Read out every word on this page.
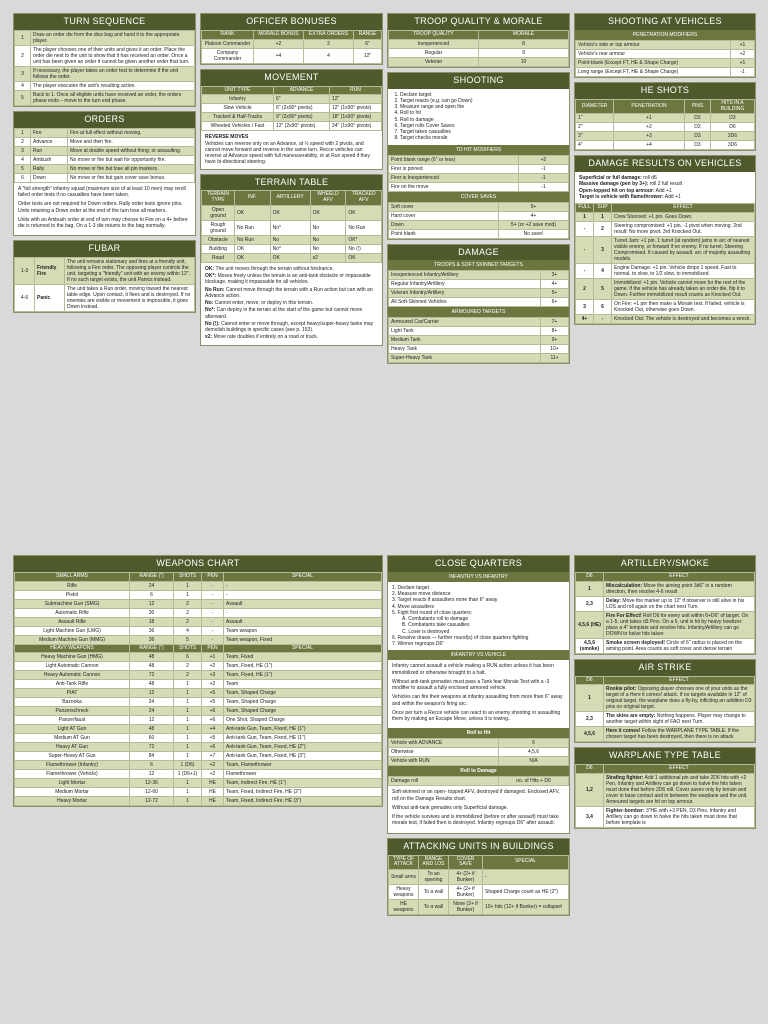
TURN SEQUENCE
1	Draw an order die from the dice bag and hand it to the appropriate player.
2	The player chooses one of their units and gives it an order. Place the order die next to the unit to show that it has received an order. Once a unit has been given an order it cannot be given another order that turn.
3	If necessary, the player takes an order test to determine if the unit follows the order.
4	The player executes the unit's resulting action.
5	Back to 1. Once all eligible units have received an order, the orders phase ends – move to the turn end phase.
ORDERS
1	Fire	Fire at full effect without moving.
2	Advance	Move and then fire.
3	Run	Move at double speed without firing; or assaulting.
4	Ambush	No move or fire but wait for opportunity fire.
5	Rally	No move or fire but lose all pin markers.
6	Down	No move or fire but gain cover save bonus.

A "full strength" infantry squad (maximum size of at least 10 men) may reroll failed order tests if no casualties have been taken.

Order tests are not required for Down orders. Rally order tests ignore pins. Units retaining a Down order at the end of the turn lose all markers.

Units with an Ambush order at end of turn may choose to Fire on a 4+ before die is returned to the bag. On a 1-3 die returns to the bag normally.

FUBAR
1-3	Friendly Fire	The unit remains stationary and fires at a friendly unit, following a Fire order. The opposing player controls the unit, targeting a "friendly" unit with an enemy within 12". If no such target exists, the unit Panics instead.
4-6	Panic	The unit takes a Run order, moving toward the nearest table edge. Upon contact, it flees and is destroyed. If no enemies are visible or movement is impossible, it goes Down instead.
OFFICER BONUSES
RANK	MORALE BONUS	EXTRA ORDERS	RANGE
Platoon Commander	+2	2	6"
Company Commander	+4	4	12"
MOVEMENT
UNIT TYPE	ADVANCE	RUN
Infantry	6"	12"
Slow Vehicle	6" (2x90° pivots)	12" (1x90° pivots)
Tracked & Half-Tracks	9" (2x90° pivots)	18" (1x90° pivots)
Wheeled Vehicles / Fast	12" (2x90° pivots)	24" (1x90° pivots)
REVERSE MOVES
Vehicles can reverse only on an Advance, at ½ speed with 2 pivots, and cannot move forward and reverse in the same turn. Recce vehicles can reverse at Advance speed with full maneuverability, or at Run speed if they have bi-directional steering.
TERRAIN TABLE
TERRAIN TYPE	INF.	ARTILLERY	WHEELD AFV	TRACKED AFV
Open ground	OK	OK	OK	OK
Rough ground	No Run	No*	No	No Run
Obstacle	No Run	No	No	OK*
Building	OK	No*	No	No (!)
Road	OK	OK	x2	OK

OK: The unit moves through the terrain without hindrance.

OK*: Moves freely unless the terrain is an anti-tank obstacle or impassable blockage, making it impassable for all vehicles.

No Run: Cannot move through the terrain with a Run action but can with an Advance action.

No: Cannot enter, move, or deploy in this terrain.

No*: Can deploy in the terrain at the start of the game but cannot move afterward.

No (!): Cannot enter or move through, except heavy/super-heavy tanks may demolish buildings in specific cases (see p. 153).

x2: Move rate doubles if entirely on a road or track.

TROOP QUALITY & MORALE
TROOP QUALITY	MORALE
Inexperienced	8
Regular	9
Veteran	10
SHOOTING
1. Declare target
2. Target reacts (e.g. can go Down)
3. Measure range and open fire
4. Roll to hit
5. Roll to damage
6. Target rolls Cover Saves
7. Target takes casualties
8. Target checks morale
TO HIT MODIFIERS
Point blank range (6" or less)	+2
Firer is pinned	-1
Firer is Inexperienced	-1
Fire on the move	-1
COVER SAVES
Soft cover	5+
Hard cover	4+
Down	5+ (or +2 save mod)
Point blank	No save!
DAMAGE
TROOPS & SOFT SKINNED TARGETS
Inexperienced Infantry/Artillery	3+
Regular Infantry/Artillery	4+
Veteran Infantry/Artillery	5+
All Soft-Skinned Vehicles	6+
ARMOURED TARGETS
Armoured Car/Carrier	7+
Light Tank	8+
Medium Tank	9+
Heavy Tank	10+
Super-Heavy Tank	11+
SHOOTING AT VEHICLES
PENETRATION MODIFIERS
Vehicle's side or top armour	+1
Vehicle's rear armour	+2
Point-blank (Except FT, HE & Shape Charge)	+1
Long range (Except FT, HE & Shape Charge)	-1
HE SHOTS
DIAMETER	PENETRATION	PINS	HITS IN A BUILDING
1"	+1	D2	D3
2"	+2	D2	D6
3"	+3	D3	2D6
4"	+4	D3	3D6
DAMAGE RESULTS ON VEHICLES
Superficial or full damage: roll d6
Massive damage (pen by 3+): roll 2 full result
Open-topped hit on top armour: Add +1
Target is vehicle with flamethrower: Add +1
FULL	SUP	EFFECT
1	1	Crew Stunned: +1 pin. Goes Down.
-	2	Steering compromised: +1 pin. -1 pivot when moving. 2nd result: No more pivot. 3rd Knocked Out.
-	3	Turret Jam: +1 pin. 1 turret (at random) jams in arc of nearest visible enemy, or forward if no enemy. If no turret; Steering Compromised. If caused by assault, arc of majority assaulting models.
-	4	Engine Damage: +1 pin. Vehicle drops 1 speed. Fast to normal, to slow, to 1/2 slow, to immobilized.
2	5	Immobilized: +1 pin. Vehicle cannot move for the rest of the game. If the vehicle has already taken an order die, flip it to Down. Further immobilized result counts as Knocked Out.
3	6	On Fire: +1 pin then make a Morale test. If failed, vehicle is Knocked Out, otherwise goes Down.
4+	-	Knocked Out: The vehicle is destroyed and becomes a wreck.
WEAPONS CHART
SMALL ARMS	RANGE (")	SHOTS	PEN	SPECIAL
Rifle	24	1	-	-
Pistol	6	1	-	-
Submachine Gun (SMG)	12	2	-	Assault
Automatic Rifle	30	2	-	-
Assault Rifle	18	2	-	Assault
Light Machine Gun (LMG)	36	4	-	Team weapon
Medium Machine Gun (MMG)	36	5	-	Team weapon, Fixed
HEAVY WEAPONS	RANGE (")	SHOTS	PEN	SPECIAL
Heavy Machine Gun (HMG)	48	6	+1	Team, Fixed
Light Automatic Cannon	48	2	+2	Team, Fixed, HE (1")
Heavy Automatic Cannon	72	2	+3	Team, Fixed, HE (1")
Anti-Tank Rifle	48	1	+2	Team
PIAT	12	1	+5	Team, Shaped Charge
Bazooka	24	1	+5	Team, Shaped Charge
Panzerschreck	24	1	+6	Team, Shaped Charge
Panzerfaust	12	1	+6	One Shot, Shaped Charge
Light AT Gun	48	1	+4	Anti-tank Gun, Team, Fixed, HE (1")
Medium AT Gun	60	1	+5	Anti-tank Gun, Team, Fixed, HE (1")
Heavy AT Gun	72	1	+6	Anti-tank Gun, Team, Fixed, HE (2")
Super-Heavy AT Gun	84	1	+7	Anti-tank Gun, Team, Fixed, HE (3")
Flamethrower (Infantry)	6	1 (D6)	+2	Team, Flamethrower
Flamethrower (Vehicle)	12	1 (D6+1)	+2	Flamethrower
Light Mortar	12-36	1	HE	Team, Indirect Fire, HE (1")
Medium Mortar	12-60	1	HE	Team, Fixed, Indirect Fire, HE (2")
Heavy Mortar	12-72	1	HE	Team, Fixed, Indirect Fire, HE (3")
CLOSE QUARTERS
INFANTRY VS INFANTRY
1. Declare target
2. Measure move distance
3. Target reacts if assaulters more than 6" away
4. Move assaulters
5. Fight first round of close quarters:
A. Combatants roll to damage
B. Combatants take casualties
C. Loser is destroyed
6. Resolve draws — further round(s) of close quarters fighting
7. Winner regroups D6"
INFANTRY VS VEHICLE

Infantry cannot assault a vehicle making a RUN action unless it has been immobilized or otherwise brought to a halt.

Without anti-tank grenades must pass a Tank fear Morale Test with a -3 modifier to assault a fully enclosed armored vehicle.

Vehicles can fire their weapons at infantry assaulting from more than 6" away and within the weapon's firing arc.

Once per turn a Recce vehicle can react to an enemy shooting or assaulting them by making an Escape Move, unless it is towing..

Roll to Hit
Vehicle with ADVANCE	6
Otherwise	4,5,6
Vehicle with RUN	N/A
Roll to Damage
Damage roll	no. of Hits + D6

Soft-skinned or an open- topped AFV, destroyed if damaged. Enclosed AFV, roll on the Damage Results chart.

Without anti-tank grenades only Superficial damage.

If the vehicle survives and is immobilized (before or after assault) must take morale test, if failed then is destroyed. Infantry regroups D6" after assault.

ATTACKING UNITS IN BUILDINGS
TYPE OF ATTACK	RANGE AND LOS	COVER SAVE	SPECIAL
Small arms	To an opening	4+ (2+ if Bunker)	-
Heavy weapons	To a wall	4+ (2+ if Bunker)	Shaped Charge count as HE (2")
HE weapons	To a wall	None (2+ if Bunker)	10+ hits (12+ if Bunker) = collapse!
ARTILLERY/SMOKE
D6	EFFECT
1	Miscalculation: Move the aiming point 3d6" in a random direction, then resolve 4-6 result
2,3	Delay: Move the marker up to 12" if observer is still alive in his LOS and roll again on the chart next Turn.
4,5,6 (HE)	Fire For Effect! Roll D6 for every unit within 6+D6" of target. On a 1-5, unit takes d3 Pins. On a 6, unit is hit by heavy howitzer: place a 4" template and resolve hits. Infantry/Artillery can go DOWN to halve hits taken
4,5,6 (smoke)	Smoke screen deployed! Circle of 6" radius is placed on the aiming point. Area counts as soft cover and dense terrain
AIR STRIKE
D6	EFFECT
1	Rookie pilot: Opposing player chooses one of your units as the target of a Here it comes! attack. If no targets available in 12" of original target, the warplane does a fly-by, inflicting an addition D3 pins on original target.
2,3	The skies are empty: Nothing happens. Player may change to another target within sight of FAO next Turn.
4,5,6	Here it comes! Follow the WARPLANE TYPE TABLE. If the chosen target has been destroyed, then there is no attack
WARPLANE TYPE TABLE
D6	EFFECT
1,2	Strafing fighter: Add 1 additional pin and take 2D6 hits with +2 Pen. Infantry and Artillery can go down to halve the hits taken must done that before 2D6 roll. Cover saves only by terrain and cover in base contact and in between the warplane and the unit. Armoured targets are hit on top armour.
3,4	Fighter-bomber: 3"HE with +3 PEN, D3 Pins. Infantry and Artillery can go down to halve the hits taken must done that before template is
